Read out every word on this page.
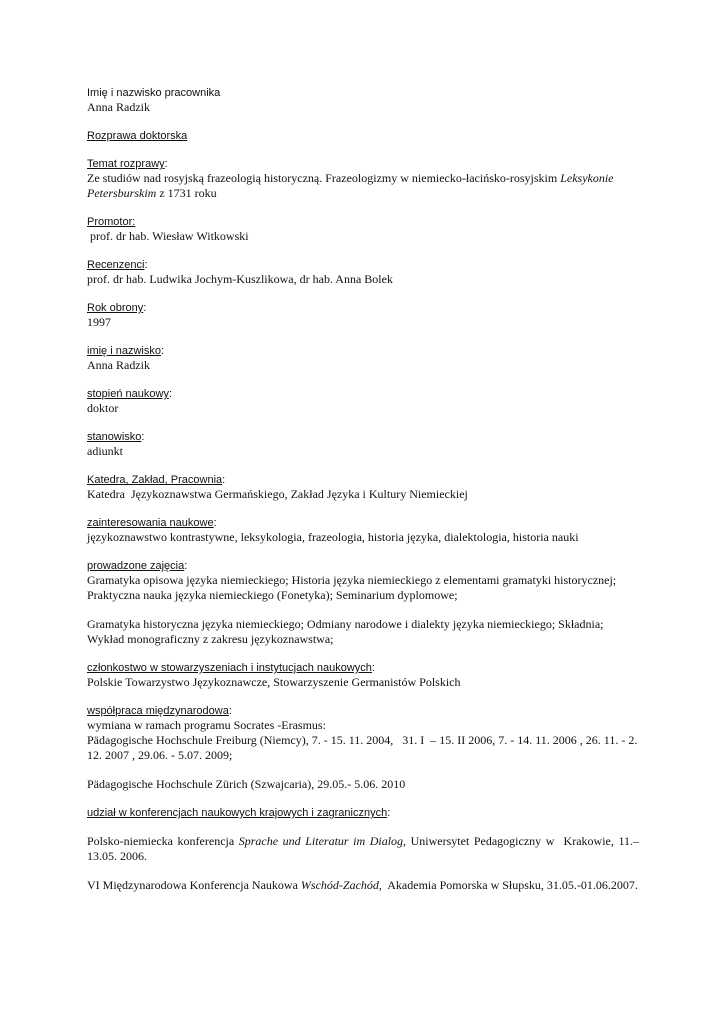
Imię i nazwisko pracownika
Anna Radzik
Rozprawa doktorska
Temat rozprawy:
Ze studiów nad rosyjską frazeologią historyczną. Frazeologizmy w niemiecko-łacińsko-rosyjskim Leksykonie Petersburskim z 1731 roku
Promotor:
prof. dr hab. Wiesław Witkowski
Recenzenci:
prof. dr hab. Ludwika Jochym-Kuszlikowa, dr hab. Anna Bolek
Rok obrony:
1997
imię i nazwisko:
Anna Radzik
stopień naukowy:
doktor
stanowisko:
adiunkt
Katedra, Zakład, Pracownia:
Katedra  Językoznawstwa Germańskiego, Zakład Języka i Kultury Niemieckiej
zainteresowania naukowe:
językoznawstwo kontrastywne, leksykologia, frazeologia, historia języka, dialektologia, historia nauki
prowadzone zajęcia:
Gramatyka opisowa języka niemieckiego; Historia języka niemieckiego z elementami gramatyki historycznej; Praktyczna nauka języka niemieckiego (Fonetyka); Seminarium dyplomowe;
Gramatyka historyczna języka niemieckiego; Odmiany narodowe i dialekty języka niemieckiego; Składnia; Wykład monograficzny z zakresu językoznawstwa;
członkostwo w stowarzyszeniach i instytucjach naukowych:
Polskie Towarzystwo Językoznawcze, Stowarzyszenie Germanistów Polskich
współpraca międzynarodowa:
wymiana w ramach programu Socrates -Erasmus:
Pädagogische Hochschule Freiburg (Niemcy), 7. - 15. 11. 2004,   31. I  – 15. II 2006, 7. - 14. 11. 2006 , 26. 11. - 2. 12. 2007 , 29.06. - 5.07. 2009;
Pädagogische Hochschule Zürich (Szwajcaria), 29.05.- 5.06. 2010
udział w konferencjach naukowych krajowych i zagranicznych:
Polsko-niemiecka konferencja Sprache und Literatur im Dialog, Uniwersytet Pedagogiczny w  Krakowie, 11.–13.05. 2006.
VI Międzynarodowa Konferencja Naukowa Wschód-Zachód,  Akademia Pomorska w Słupsku, 31.05.-01.06.2007.
